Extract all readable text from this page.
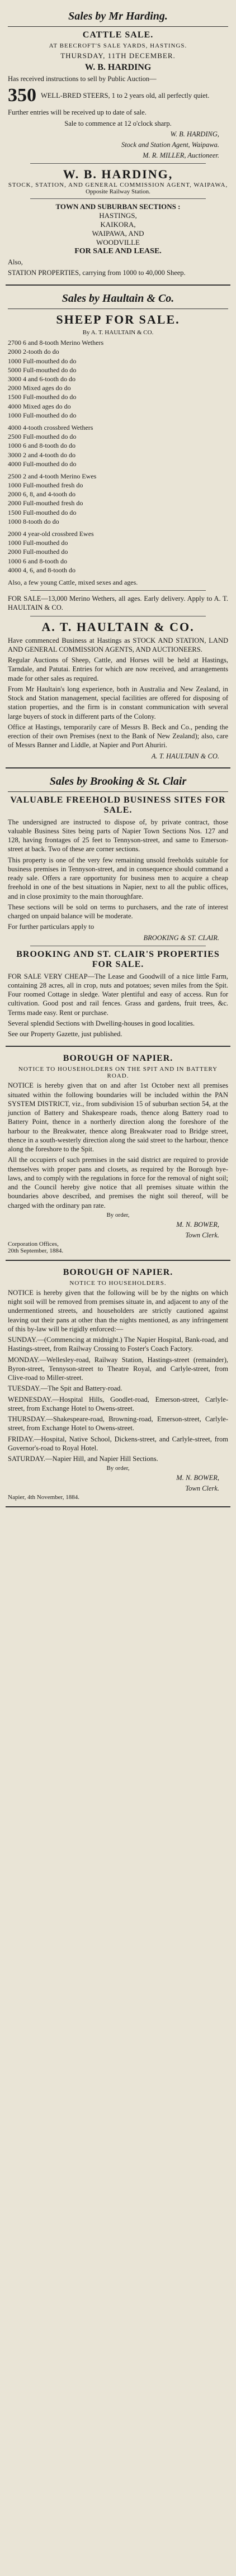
Sales by Mr Harding.
CATTLE SALE.
AT BEECROFT'S SALE YARDS, HASTINGS.
THURSDAY, 11TH DECEMBER.
W. B. HARDING

Has received instructions to sell by Public Auction—

350 WELL-BRED STEERS, 1 to 2 years old, all perfectly quiet.

Further entries will be received up to date of sale.

Sale to commence at 12 o'clock sharp.

W. B. HARDING,
Stock and Station Agent, Waipawa.
M. R. MILLER, Auctioneer.
W. B. HARDING,
STOCK, STATION, AND GENERAL COMMISSION AGENT, WAIPAWA,
Opposite Railway Station.
TOWN AND SUBURBAN SECTIONS :
HASTINGS,
KAIKORA,
WAIPAWA, AND
WOODVILLE
FOR SALE AND LEASE.

Also,

STATION PROPERTIES, carrying from 1000 to 40,000 Sheep.

Sales by Haultain & Co.
SHEEP FOR SALE.
By A. T. HAULTAIN & CO.
2700 6 and 8-tooth Merino Wethers
2000 2-tooth do do
1000 Full-mouthed do do
5000 Full-mouthed do do
3000 4 and 6-tooth do do
2000 Mixed ages do do
1500 Full-mouthed do do
4000 Mixed ages do do
1000 Full-mouthed do do
4000 4-tooth crossbred Wethers
2500 Full-mouthed do do
1000 6 and 8-tooth do do
3000 2 and 4-tooth do do
4000 Full-mouthed do do
2500 2 and 4-tooth Merino Ewes
1000 Full-mouthed fresh do
2000 6, 8, and 4-tooth do
2000 Full-mouthed fresh do
1500 Full-mouthed do do
1000 8-tooth do do
2000 4 year-old crossbred Ewes
1000 Full-mouthed do
2000 Full-mouthed do
1000 6 and 8-tooth do
4000 4, 6, and 8-tooth do
Also, a few young Cattle, mixed sexes and ages.

FOR SALE—13,000 Merino Wethers, all ages. Early delivery. Apply to A. T. HAULTAIN & CO.

A. T. HAULTAIN & CO.

Have commenced Business at Hastings as STOCK AND STATION, LAND AND GENERAL COMMISSION AGENTS, AND AUCTIONEERS.

Regular Auctions of Sheep, Cattle, and Horses will be held at Hastings, Tarndale, and Patutai. Entries for which are now received, and arrangements made for other sales as required.

From Mr Haultain's long experience, both in Australia and New Zealand, in Stock and Station management, special facilities are offered for disposing of station properties, and the firm is in constant communication with several large buyers of stock in different parts of the Colony.

Office at Hastings, temporarily care of Messrs B. Beck and Co., pending the erection of their own Premises (next to the Bank of New Zealand); also, care of Messrs Banner and Liddle, at Napier and Port Ahuriri.

A. T. HAULTAIN & CO.
Sales by Brooking & St. Clair
VALUABLE FREEHOLD BUSINESS SITES FOR SALE.

The undersigned are instructed to dispose of, by private contract, those valuable Business Sites being parts of Napier Town Sections Nos. 127 and 128, having frontages of 25 feet to Tennyson-street, and same to Emerson-street at back. Two of these are corner sections.

This property is one of the very few remaining unsold freeholds suitable for business premises in Tennyson-street, and in consequence should command a ready sale. Offers a rare opportunity for business men to acquire a cheap freehold in one of the best situations in Napier, next to all the public offices, and in close proximity to the main thoroughfare.

These sections will be sold on terms to purchasers, and the rate of interest charged on unpaid balance will be moderate.

For further particulars apply to

BROOKING & ST. CLAIR.
BROOKING AND ST. CLAIR'S PROPERTIES FOR SALE.

FOR SALE VERY CHEAP—The Lease and Goodwill of a nice little Farm, containing 28 acres, all in crop, nuts and potatoes; seven miles from the Spit. Four roomed Cottage in sledge. Water plentiful and easy of access. Run for cultivation. Good post and rail fences. Grass and gardens, fruit trees, &c. Terms made easy. Rent or purchase.

Several splendid Sections with Dwelling-houses in good localities.

See our Property Gazette, just published.

BOROUGH OF NAPIER.
NOTICE TO HOUSEHOLDERS ON THE SPIT AND IN BATTERY ROAD.

NOTICE is hereby given that on and after 1st October next all premises situated within the following boundaries will be included within the PAN SYSTEM DISTRICT, viz., from subdivision 15 of suburban section 54, at the junction of Battery and Shakespeare roads, thence along Battery road to Battery Point, thence in a northerly direction along the foreshore of the harbour to the Breakwater, thence along Breakwater road to Bridge street, thence in a south-westerly direction along the said street to the harbour, thence along the foreshore to the Spit.

All the occupiers of such premises in the said district are required to provide themselves with proper pans and closets, as required by the Borough bye-laws, and to comply with the regulations in force for the removal of night soil; and the Council hereby give notice that all premises situate within the boundaries above described, and premises the night soil thereof, will be charged with the ordinary pan rate.

By order,
M. N. BOWER,
Town Clerk.
Corporation Offices,
20th September, 1884.
BOROUGH OF NAPIER.
NOTICE TO HOUSEHOLDERS.

NOTICE is hereby given that the following will be by the nights on which night soil will be removed from premises situate in, and adjacent to any of the undermentioned streets, and householders are strictly cautioned against leaving out their pans at other than the nights mentioned, as any infringement of this by-law will be rigidly enforced:—

SUNDAY.—(Commencing at midnight.) The Napier Hospital, Bank-road, and Hastings-street, from Railway Crossing to Foster's Coach Factory.

MONDAY.—Wellesley-road, Railway Station, Hastings-street (remainder), Byron-street, Tennyson-street to Theatre Royal, and Carlyle-street, from Clive-road to Miller-street.

TUESDAY.—The Spit and Battery-road.

WEDNESDAY.—Hospital Hills, Goodlet-road, Emerson-street, Carlyle-street, from Exchange Hotel to Owens-street.

THURSDAY.—Shakespeare-road, Browning-road, Emerson-street, Carlyle-street, from Exchange Hotel to Owens-street.

FRIDAY.—Hospital, Native School, Dickens-street, and Carlyle-street, from Governor's-road to Royal Hotel.

SATURDAY.—Napier Hill, and Napier Hill Sections.

By order,
M. N. BOWER,
Town Clerk.
Napier, 4th November, 1884.
